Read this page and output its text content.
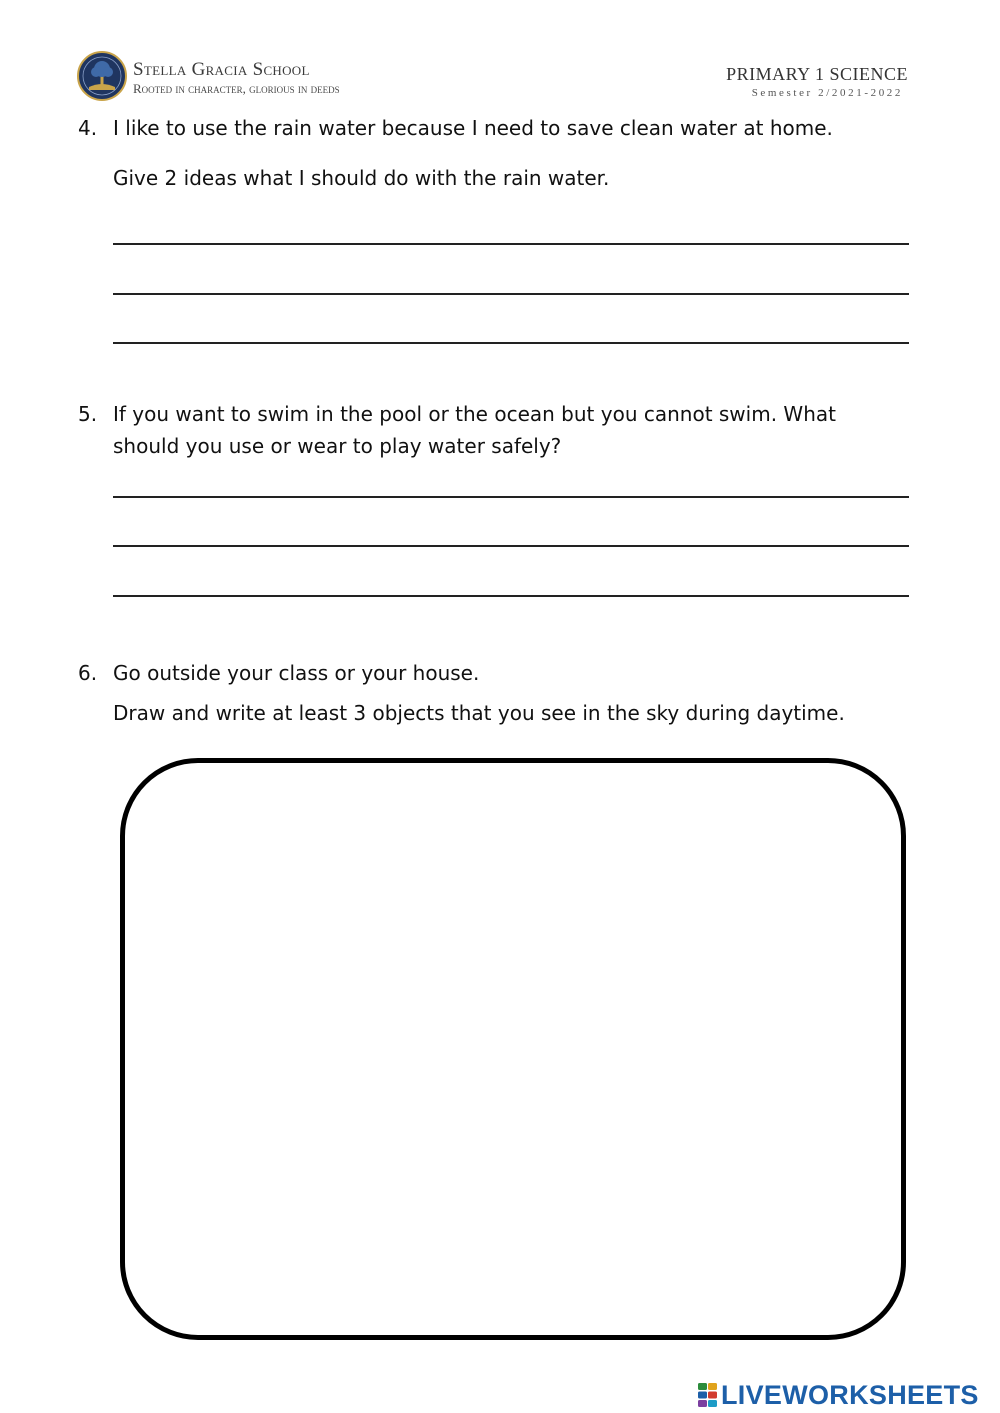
Stella Gracia School
Rooted in character, glorious in deeds
PRIMARY 1 SCIENCE
Semester 2/2021-2022
4. I like to use the rain water because I need to save clean water at home.
Give 2 ideas what I should do with the rain water.
5. If you want to swim in the pool or the ocean but you cannot swim. What
should you use or wear to play water safely?
6. Go outside your class or your house.
Draw and write at least 3 objects that you see in the sky during daytime.
LIVEWORKSHEETS
